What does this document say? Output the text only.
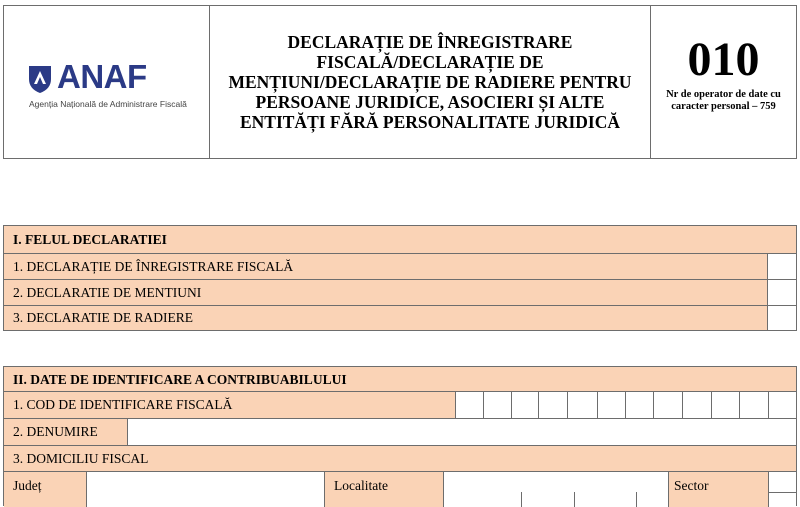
ANAF
Agenția Națională de Administrare Fiscală
DECLARAȚIE DE ÎNREGISTRARE FISCALĂ/DECLARAȚIE DE MENȚIUNI/DECLARAȚIE DE RADIERE PENTRU PERSOANE JURIDICE, ASOCIERI ȘI ALTE ENTITĂȚI FĂRĂ PERSONALITATE JURIDICĂ
010
Nr de operator de date cu caracter personal – 759
I. FELUL DECLARATIEI
1. DECLARAȚIE DE ÎNREGISTRARE FISCALĂ
2. DECLARATIE DE MENTIUNI
3. DECLARATIE DE RADIERE
II. DATE DE IDENTIFICARE A CONTRIBUABILULUI
1. COD DE IDENTIFICARE FISCALĂ
2. DENUMIRE
3. DOMICILIU FISCAL
Județ	Localitate	Sector
